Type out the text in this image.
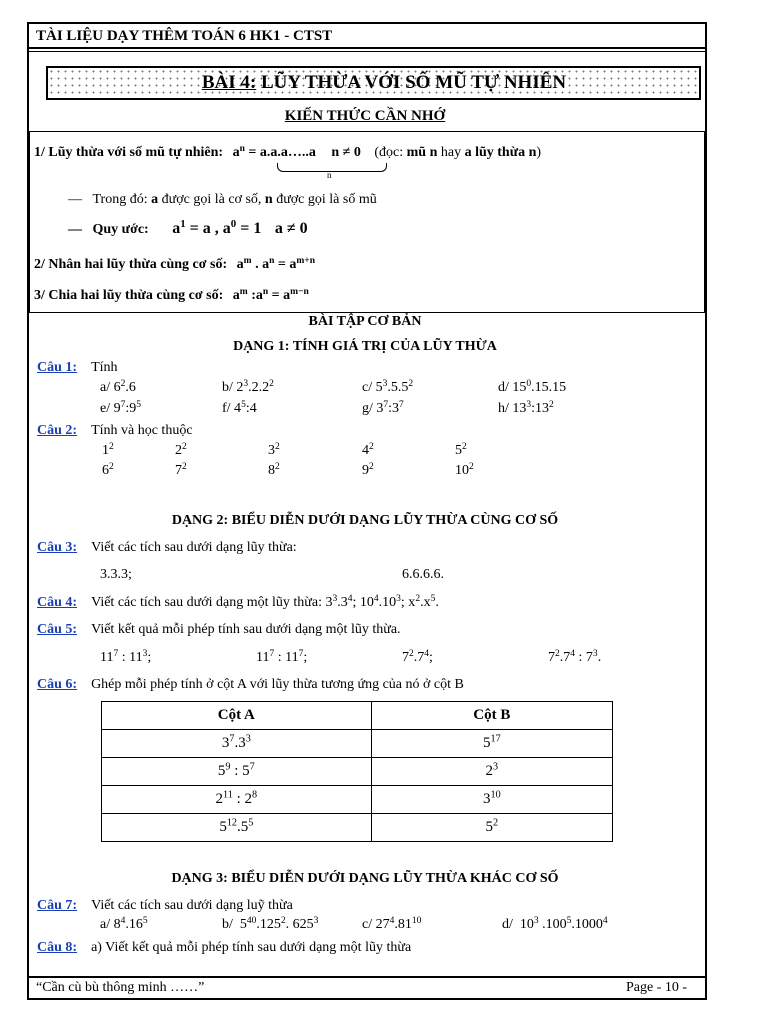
TÀI LIỆU DẠY THÊM TOÁN 6 HK1 - CTST
BÀI 4: LŨY THỪA VỚI SỐ MŨ TỰ NHIÊN
KIẾN THỨC CẦN NHỚ
1/ Lũy thừa với số mũ tự nhiên: $a^n$ = a.a.a…..a n ≠ 0 (đọc: mũ n hay a lũy thừa n)
n
— Trong đó: a được gọi là cơ số, n được gọi là số mũ
— Quy ước: $a^1 = a$ , $a^0 = 1$ a ≠ 0
2/ Nhân hai lũy thừa cùng cơ số: $a^m$ . $a^n = a^{m+n}$
3/ Chia hai lũy thừa cùng cơ số: $a^m$ $:a^n = a^{m-n}$
BÀI TẬP CƠ BẢN
DẠNG 1: TÍNH GIÁ TRỊ CỦA LŨY THỪA
Câu 1: Tính
a/ $6^2.6$	b/ $2^3.2.2^2$	c/ $5^3.5.5^2$	d/ $15^0.15.15$
e/ $9^7:9^5$	f/ $4^5:4$	g/ $3^7:3^7$	h/ $13^3:13^2$
Câu 2: Tính và học thuộc
$1^2$	$2^2$	$3^2$	$4^2$	$5^2$
$6^2$	$7^2$	$8^2$	$9^2$	$10^2$
DẠNG 2: BIỂU DIỄN DƯỚI DẠNG LŨY THỪA CÙNG CƠ SỐ
Câu 3: Viết các tích sau dưới dạng lũy thừa:
3.3.3;	6.6.6.6.
Câu 4: Viết các tích sau dưới dạng một lũy thừa: $3^3.3^4$; $10^4.10^3$; $x^2.x^5$.
Câu 5: Viết kết quả mỗi phép tính sau dưới dạng một lũy thừa.
$11^7$ : $11^3$;	$11^7$ : $11^7$;	$7^2.7^4$;	$7^2.7^4$ : $7^3$.
Câu 6: Ghép mỗi phép tính ở cột A với lũy thừa tương ứng của nó ở cột B
Cột A	Cột B
$3^7.3^3$	$5^{17}$
$5^9$ : $5^7$	$2^3$
$2^{11}$ : $2^8$	$3^{10}$
$5^{12}.5^5$	$5^2$
DẠNG 3: BIỂU DIỄN DƯỚI DẠNG LŨY THỪA KHÁC CƠ SỐ
Câu 7: Viết các tích sau dưới dạng luỹ thừa
a/ $8^4.16^5$	b/  $5^{40}.125^2$. $625^3$	c/ $27^4.81^{10}$	d/  $10^3$ .100$^5$.1000$^4$
Câu 8: a) Viết kết quả mỗi phép tính sau dưới dạng một lũy thừa
“Cần cù bù thông minh ……”	Page - 10 -
